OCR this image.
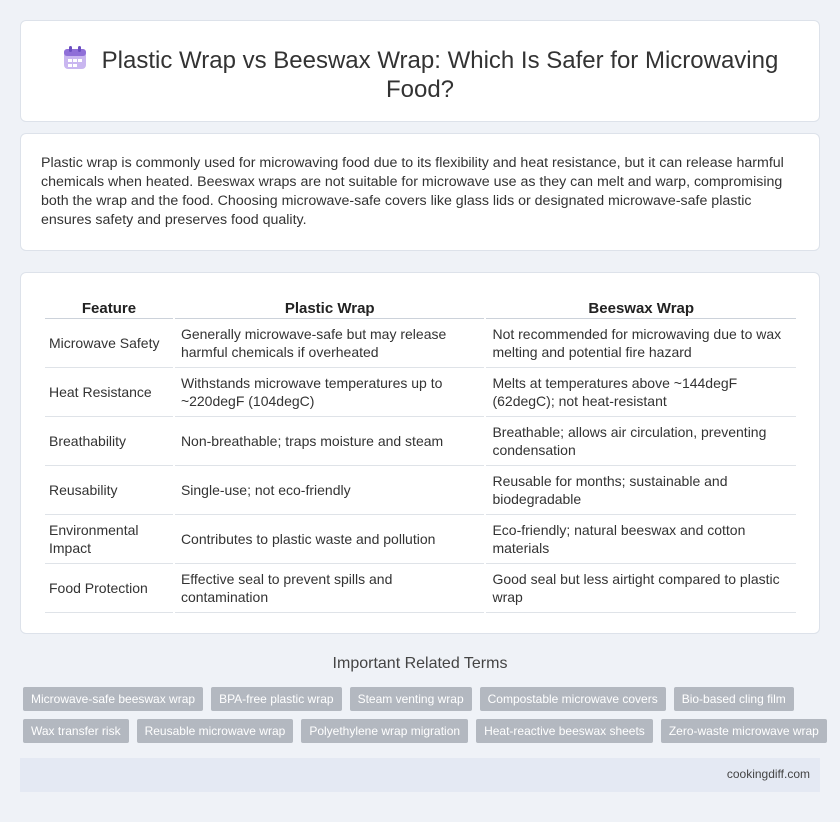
Plastic Wrap vs Beeswax Wrap: Which Is Safer for Microwaving Food?

Plastic wrap is commonly used for microwaving food due to its flexibility and heat resistance, but it can release harmful chemicals when heated. Beeswax wraps are not suitable for microwave use as they can melt and warp, compromising both the wrap and the food. Choosing microwave-safe covers like glass lids or designated microwave-safe plastic ensures safety and preserves food quality.

Feature	Plastic Wrap	Beeswax Wrap
Microwave Safety	Generally microwave-safe but may release harmful chemicals if overheated	Not recommended for microwaving due to wax melting and potential fire hazard
Heat Resistance	Withstands microwave temperatures up to ~220degF (104degC)	Melts at temperatures above ~144degF (62degC); not heat-resistant
Breathability	Non-breathable; traps moisture and steam	Breathable; allows air circulation, preventing condensation
Reusability	Single-use; not eco-friendly	Reusable for months; sustainable and biodegradable
Environmental Impact	Contributes to plastic waste and pollution	Eco-friendly; natural beeswax and cotton materials
Food Protection	Effective seal to prevent spills and contamination	Good seal but less airtight compared to plastic wrap
Important Related Terms
Microwave-safe beeswax wrap	BPA-free plastic wrap	Steam venting wrap	Compostable microwave covers	Bio-based cling film
Wax transfer risk	Reusable microwave wrap	Polyethylene wrap migration	Heat-reactive beeswax sheets	Zero-waste microwave wrap
cookingdiff.com
